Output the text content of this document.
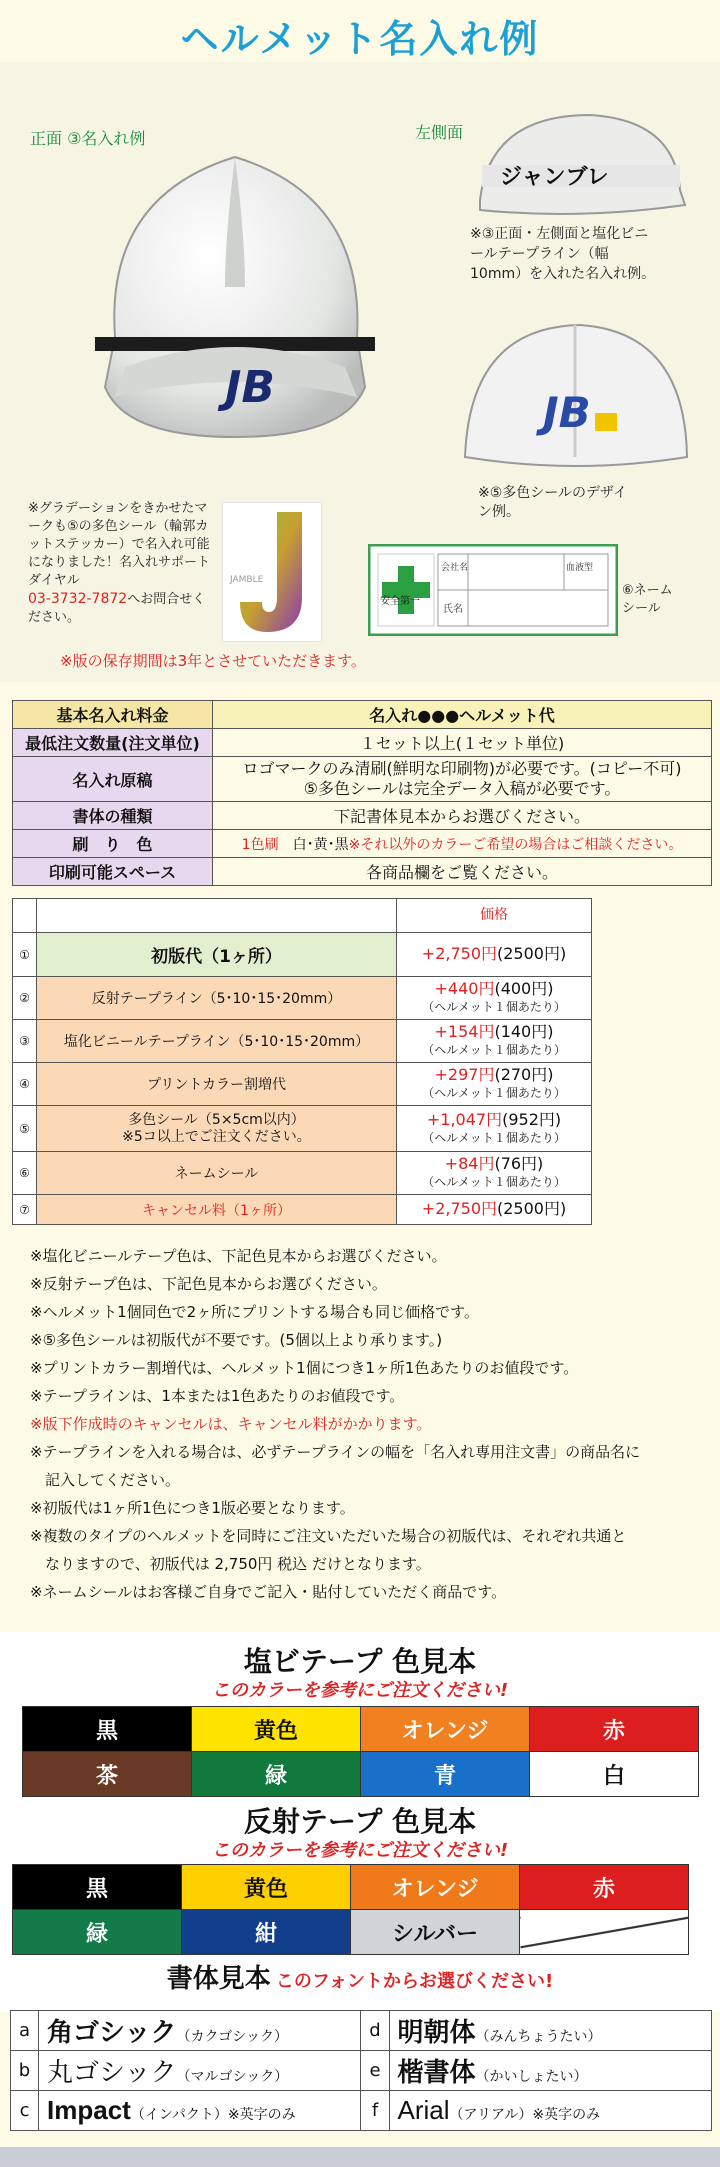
ヘルメット名入れ例
正面 ③名入れ例
JB
左側面
ジャンブレ
※③正面・左側面と塩化ビニールテープライン（幅10mm）を入れた名入れ例。
JB
※⑤多色シールのデザイン例。
※グラデーションをきかせたマークも⑤の多色シール（輪郭カットステッカー）で名入れ可能になりました！名入れサポートダイヤル
03-3732-7872へお問合せください。
JAMBLE
安全第一
会社名	血液型
氏名
⑥ネームシール
※版の保存期間は3年とさせていただきます。
基本名入れ料金	名入れ●●●ヘルメット代
最低注文数量(注文単位)	１セット以上(１セット単位)
名入れ原稿	ロゴマークのみ清刷(鮮明な印刷物)が必要です。(コピー不可)
⑤多色シールは完全データ入稿が必要です。
書体の種類	下記書体見本からお選びください。
刷　り　色	1色刷　白･黄･黒※それ以外のカラーご希望の場合はご相談ください。
印刷可能スペース	各商品欄をご覧ください。
		価格
①	初版代（1ヶ所）	+2,750円(2500円)
②	反射テープライン（5･10･15･20mm）	+440円(400円)
（ヘルメット１個あたり）
③	塩化ビニールテープライン（5･10･15･20mm）	+154円(140円)
（ヘルメット１個あたり）
④	プリントカラー割増代	+297円(270円)
（ヘルメット１個あたり）
⑤	多色シール（5×5cm以内）
※5コ以上でご注文ください。	+1,047円(952円)
（ヘルメット１個あたり）
⑥	ネームシール	+84円(76円)
（ヘルメット１個あたり）
⑦	キャンセル料（1ヶ所）	+2,750円(2500円)
※塩化ビニールテープ色は、下記色見本からお選びください。
※反射テープ色は、下記色見本からお選びください。
※ヘルメット1個同色で2ヶ所にプリントする場合も同じ価格です。
※⑤多色シールは初版代が不要です。(5個以上より承ります。)
※プリントカラー割増代は、ヘルメット1個につき1ヶ所1色あたりのお値段です。
※テープラインは、1本または1色あたりのお値段です。
※版下作成時のキャンセルは、キャンセル料がかかります。
※テープラインを入れる場合は、必ずテープラインの幅を「名入れ専用注文書」の商品名に
　記入してください。
※初版代は1ヶ所1色につき1版必要となります。
※複数のタイプのヘルメットを同時にご注文いただいた場合の初版代は、それぞれ共通と
　なりますので、初版代は 2,750円 税込 だけとなります。
※ネームシールはお客様ご自身でご記入・貼付していただく商品です。
塩ビテープ 色見本
このカラーを参考にご注文ください!
黒	黄色	オレンジ	赤
茶	緑	青	白
反射テープ 色見本
このカラーを参考にご注文ください!
黒	黄色	オレンジ	赤
緑	紺	シルバー	
書体見本 このフォントからお選びください!
a	角ゴシック（カクゴシック）	d	明朝体（みんちょうたい）
b	丸ゴシック（マルゴシック）	e	楷書体（かいしょたい）
c	Impact（インパクト）※英字のみ	f	Arial（アリアル）※英字のみ
